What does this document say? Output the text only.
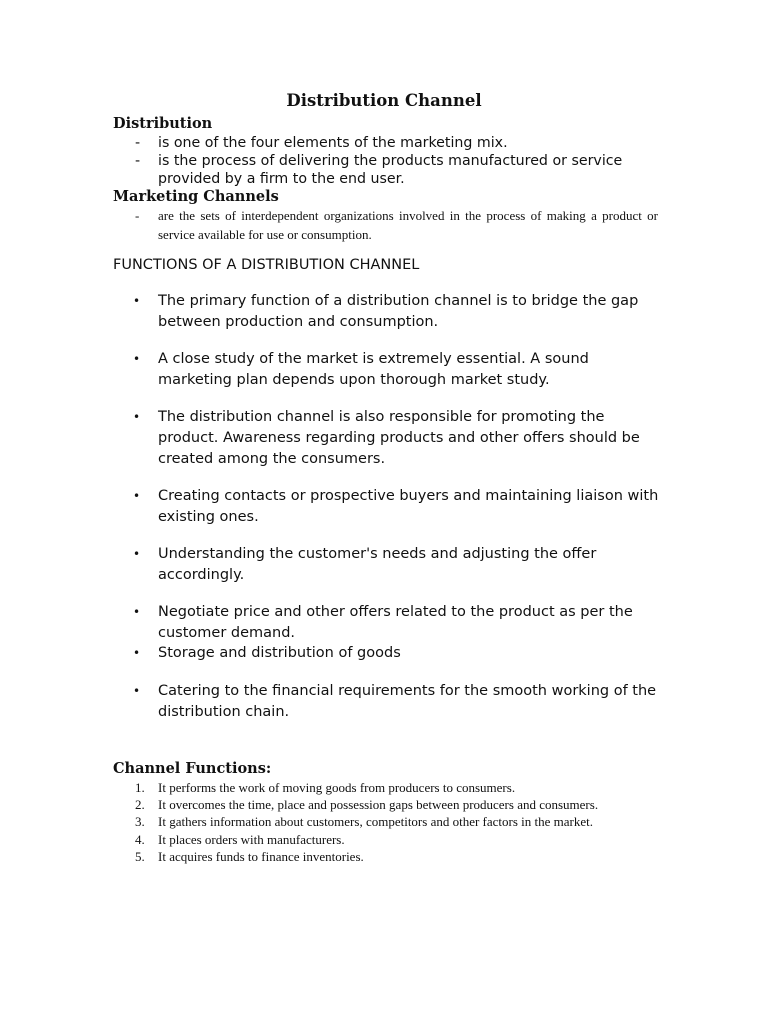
Distribution Channel
Distribution
- is one of the four elements of the marketing mix.
- is the process of delivering the products manufactured or service provided by a firm to the end user.
Marketing Channels
- are the sets of interdependent organizations involved in the process of making a product or service available for use or consumption.
FUNCTIONS OF A DISTRIBUTION CHANNEL
• The primary function of a distribution channel is to bridge the gap between production and consumption.
• A close study of the market is extremely essential. A sound marketing plan depends upon thorough market study.
• The distribution channel is also responsible for promoting the product. Awareness regarding products and other offers should be created among the consumers.
• Creating contacts or prospective buyers and maintaining liaison with existing ones.
• Understanding the customer's needs and adjusting the offer accordingly.
• Negotiate price and other offers related to the product as per the customer demand.
• Storage and distribution of goods
• Catering to the financial requirements for the smooth working of the distribution chain.
Channel Functions:
1. It performs the work of moving goods from producers to consumers.
2. It overcomes the time, place and possession gaps between producers and consumers.
3. It gathers information about customers, competitors and other factors in the market.
4. It places orders with manufacturers.
5. It acquires funds to finance inventories.
